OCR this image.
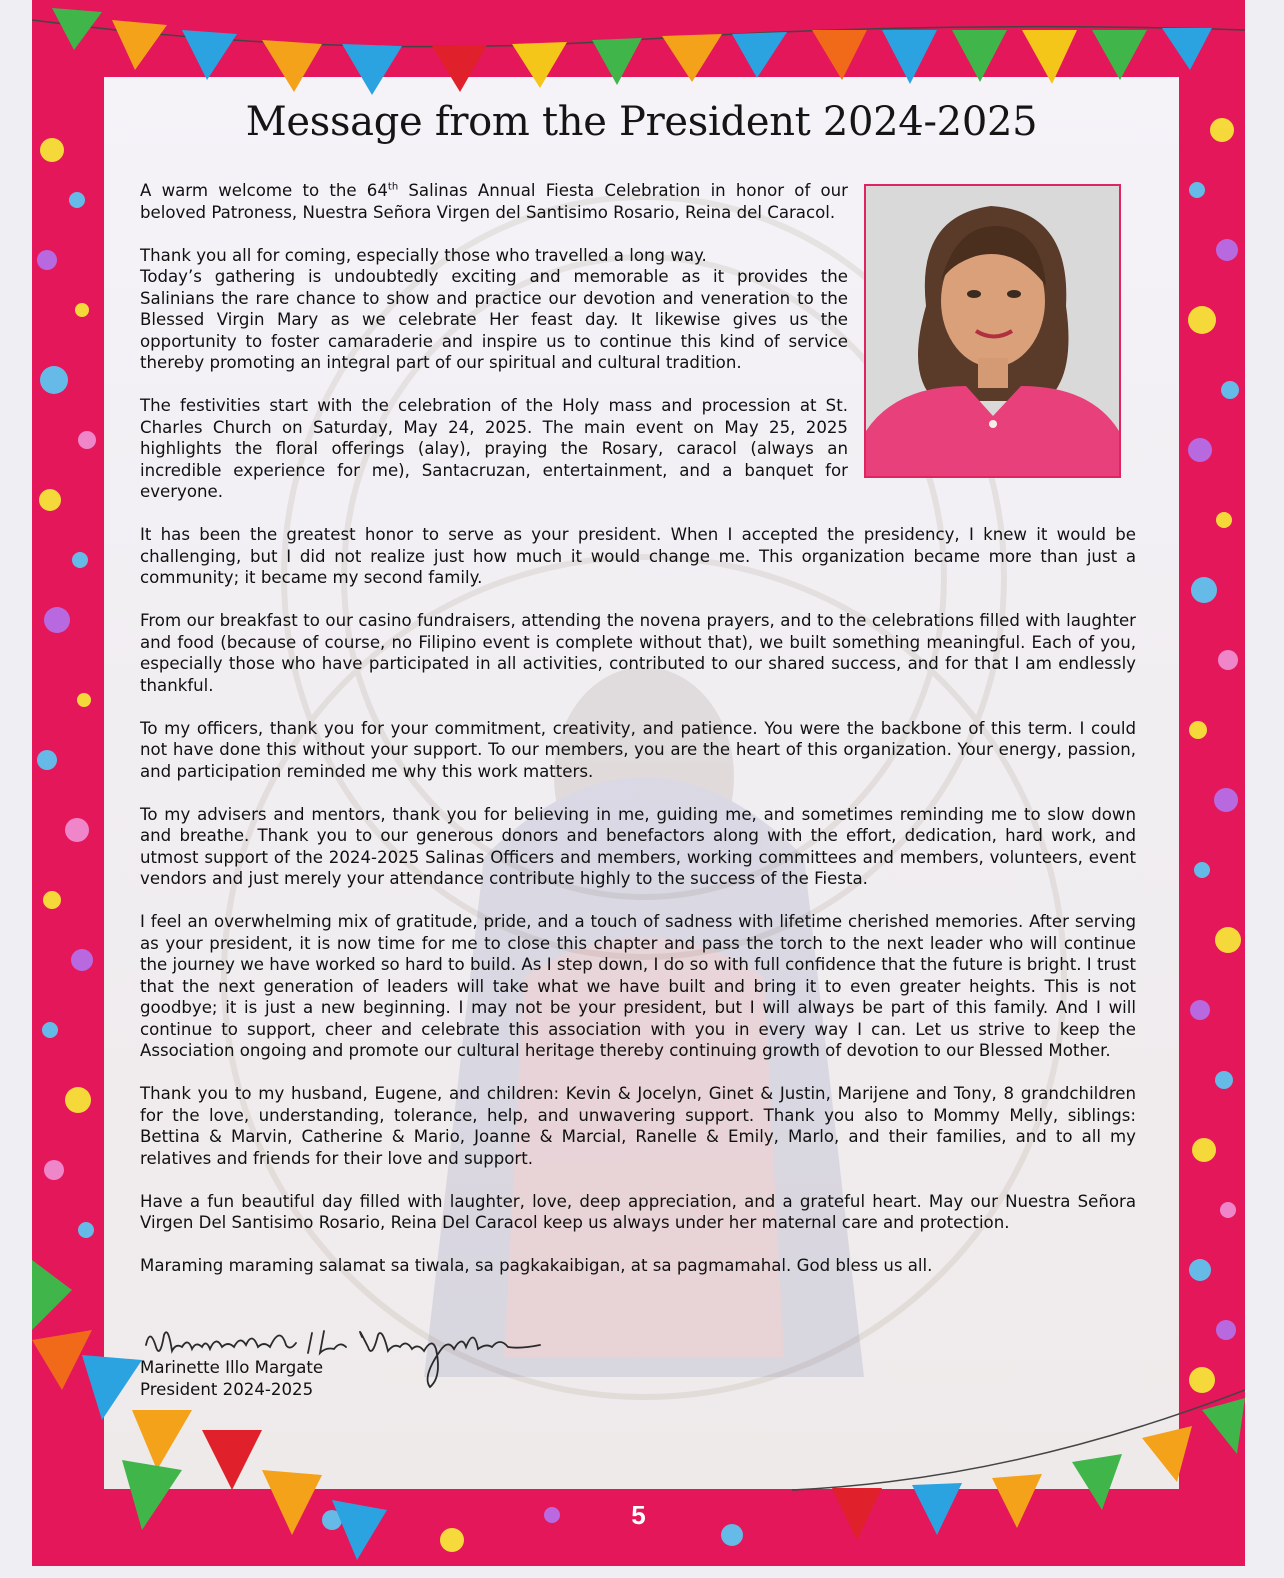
Message from the President 2024-2025

A warm welcome to the 64th Salinas Annual Fiesta Celebration in honor of our beloved Patroness, Nuestra Señora Virgen del Santisimo Rosario, Reina del Caracol.

Thank you all for coming, especially those who travelled a long way.
Today’s gathering is undoubtedly exciting and memorable as it provides the Salinians the rare chance to show and practice our devotion and veneration to the Blessed Virgin Mary as we celebrate Her feast day. It likewise gives us the opportunity to foster camaraderie and inspire us to continue this kind of service thereby promoting an integral part of our spiritual and cultural tradition.

The festivities start with the celebration of the Holy mass and procession at St. Charles Church on Saturday, May 24, 2025. The main event on May 25, 2025 highlights the floral offerings (alay), praying the Rosary, caracol (always an incredible experience for me), Santacruzan, entertainment, and a banquet for everyone.

It has been the greatest honor to serve as your president. When I accepted the presidency, I knew it would be challenging, but I did not realize just how much it would change me. This organization became more than just a community; it became my second family.

From our breakfast to our casino fundraisers, attending the novena prayers, and to the celebrations filled with laughter and food (because of course, no Filipino event is complete without that), we built something meaningful. Each of you, especially those who have participated in all activities, contributed to our shared success, and for that I am endlessly thankful.

To my officers, thank you for your commitment, creativity, and patience. You were the backbone of this term. I could not have done this without your support. To our members, you are the heart of this organization. Your energy, passion, and participation reminded me why this work matters.

To my advisers and mentors, thank you for believing in me, guiding me, and sometimes reminding me to slow down and breathe. Thank you to our generous donors and benefactors along with the effort, dedication, hard work, and utmost support of the 2024-2025 Salinas Officers and members, working committees and members, volunteers, event vendors and just merely your attendance contribute highly to the success of the Fiesta.

I feel an overwhelming mix of gratitude, pride, and a touch of sadness with lifetime cherished memories. After serving as your president, it is now time for me to close this chapter and pass the torch to the next leader who will continue the journey we have worked so hard to build. As I step down, I do so with full confidence that the future is bright. I trust that the next generation of leaders will take what we have built and bring it to even greater heights. This is not goodbye; it is just a new beginning. I may not be your president, but I will always be part of this family. And I will continue to support, cheer and celebrate this association with you in every way I can. Let us strive to keep the Association ongoing and promote our cultural heritage thereby continuing growth of devotion to our Blessed Mother.

Thank you to my husband, Eugene, and children: Kevin & Jocelyn, Ginet & Justin, Marijene and Tony, 8 grandchildren for the love, understanding, tolerance, help, and unwavering support. Thank you also to Mommy Melly, siblings: Bettina & Marvin, Catherine & Mario, Joanne & Marcial, Ranelle & Emily, Marlo, and their families, and to all my relatives and friends for their love and support.

Have a fun beautiful day filled with laughter, love, deep appreciation, and a grateful heart. May our Nuestra Señora Virgen Del Santisimo Rosario, Reina Del Caracol keep us always under her maternal care and protection.

Maraming maraming salamat sa tiwala, sa pagkakaibigan, at sa pagmamahal. God bless us all.

Marinette Illo Margate
President 2024-2025
5
